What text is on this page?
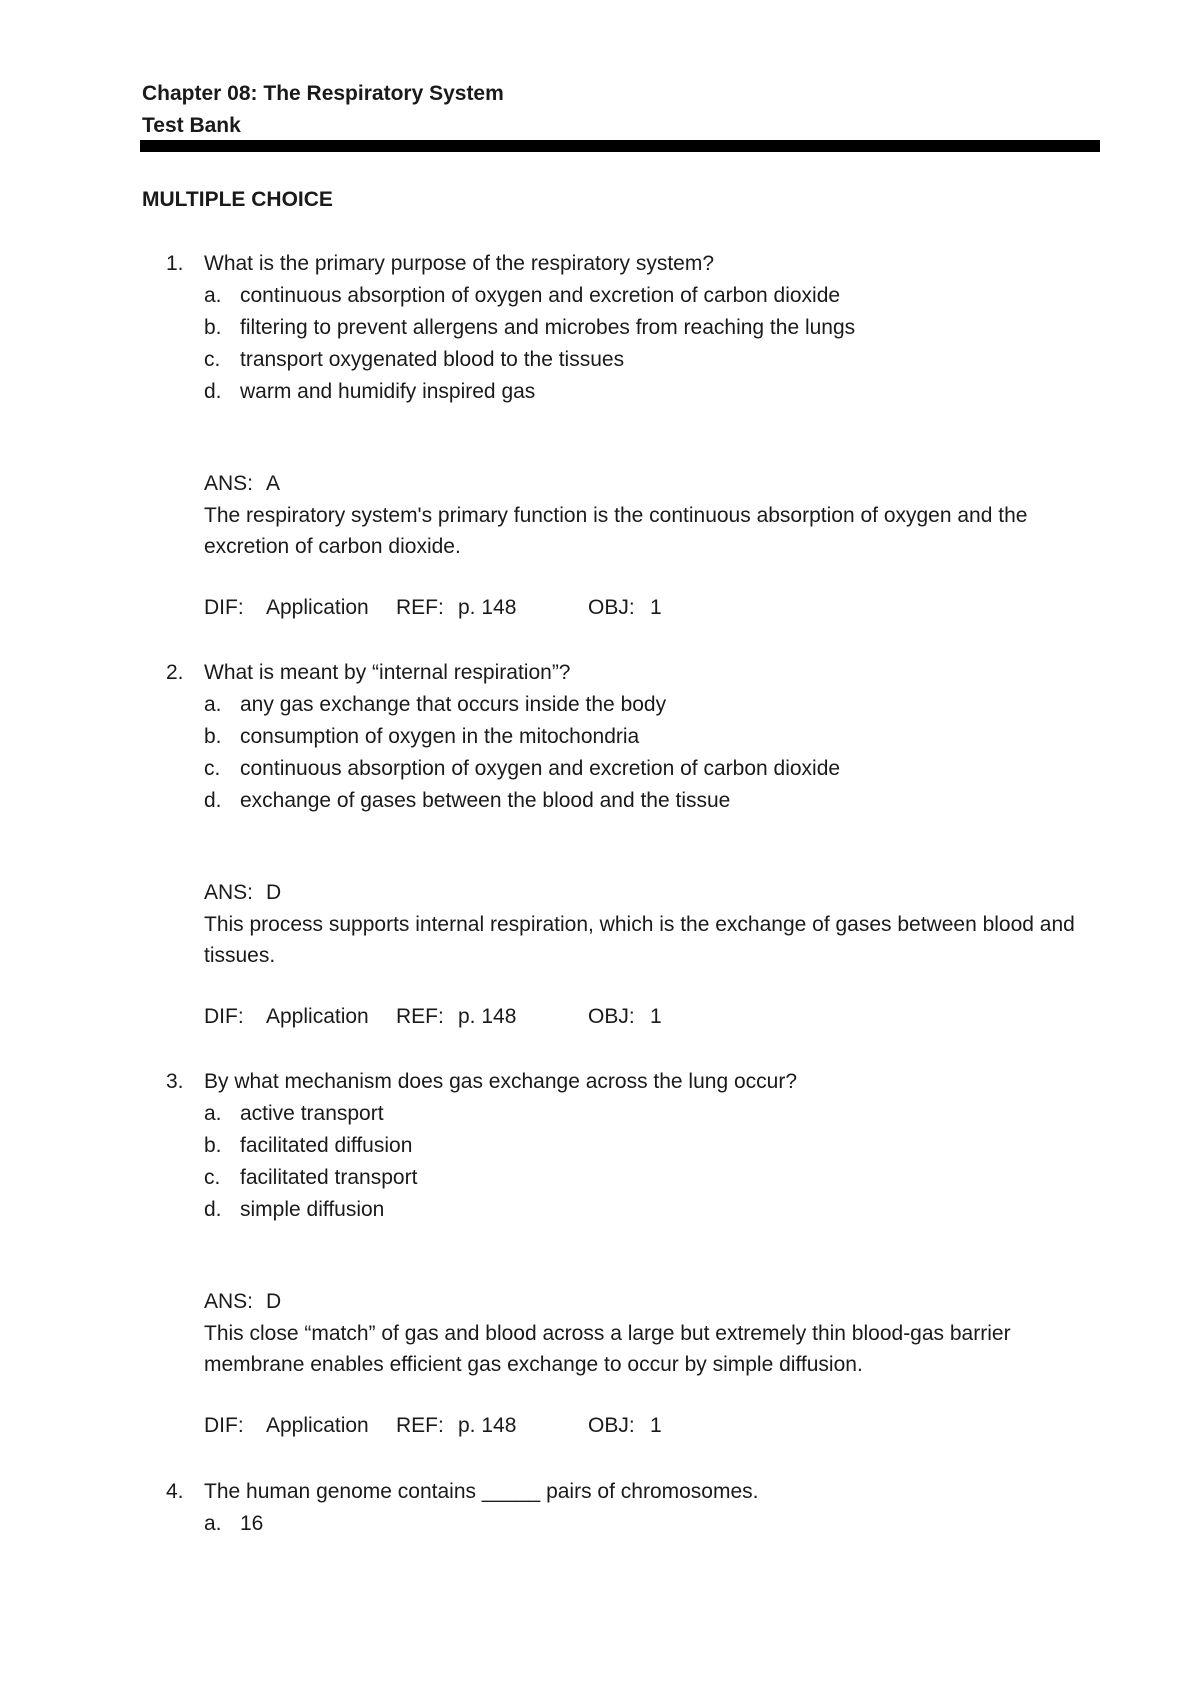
Chapter 08: The Respiratory System
Test Bank
MULTIPLE CHOICE
1. What is the primary purpose of the respiratory system?
a. continuous absorption of oxygen and excretion of carbon dioxide
b. filtering to prevent allergens and microbes from reaching the lungs
c. transport oxygenated blood to the tissues
d. warm and humidify inspired gas
ANS: A
The respiratory system's primary function is the continuous absorption of oxygen and the excretion of carbon dioxide.
DIF: Application REF: p. 148	OBJ: 1
2. What is meant by “internal respiration”?
a. any gas exchange that occurs inside the body
b. consumption of oxygen in the mitochondria
c. continuous absorption of oxygen and excretion of carbon dioxide
d. exchange of gases between the blood and the tissue
ANS: D
This process supports internal respiration, which is the exchange of gases between blood and tissues.
DIF: Application REF: p. 148	OBJ: 1
3. By what mechanism does gas exchange across the lung occur?
a. active transport
b. facilitated diffusion
c. facilitated transport
d. simple diffusion
ANS: D
This close “match” of gas and blood across a large but extremely thin blood-gas barrier membrane enables efficient gas exchange to occur by simple diffusion.
DIF: Application REF: p. 148	OBJ: 1
4. The human genome contains _____ pairs of chromosomes.
a. 16
